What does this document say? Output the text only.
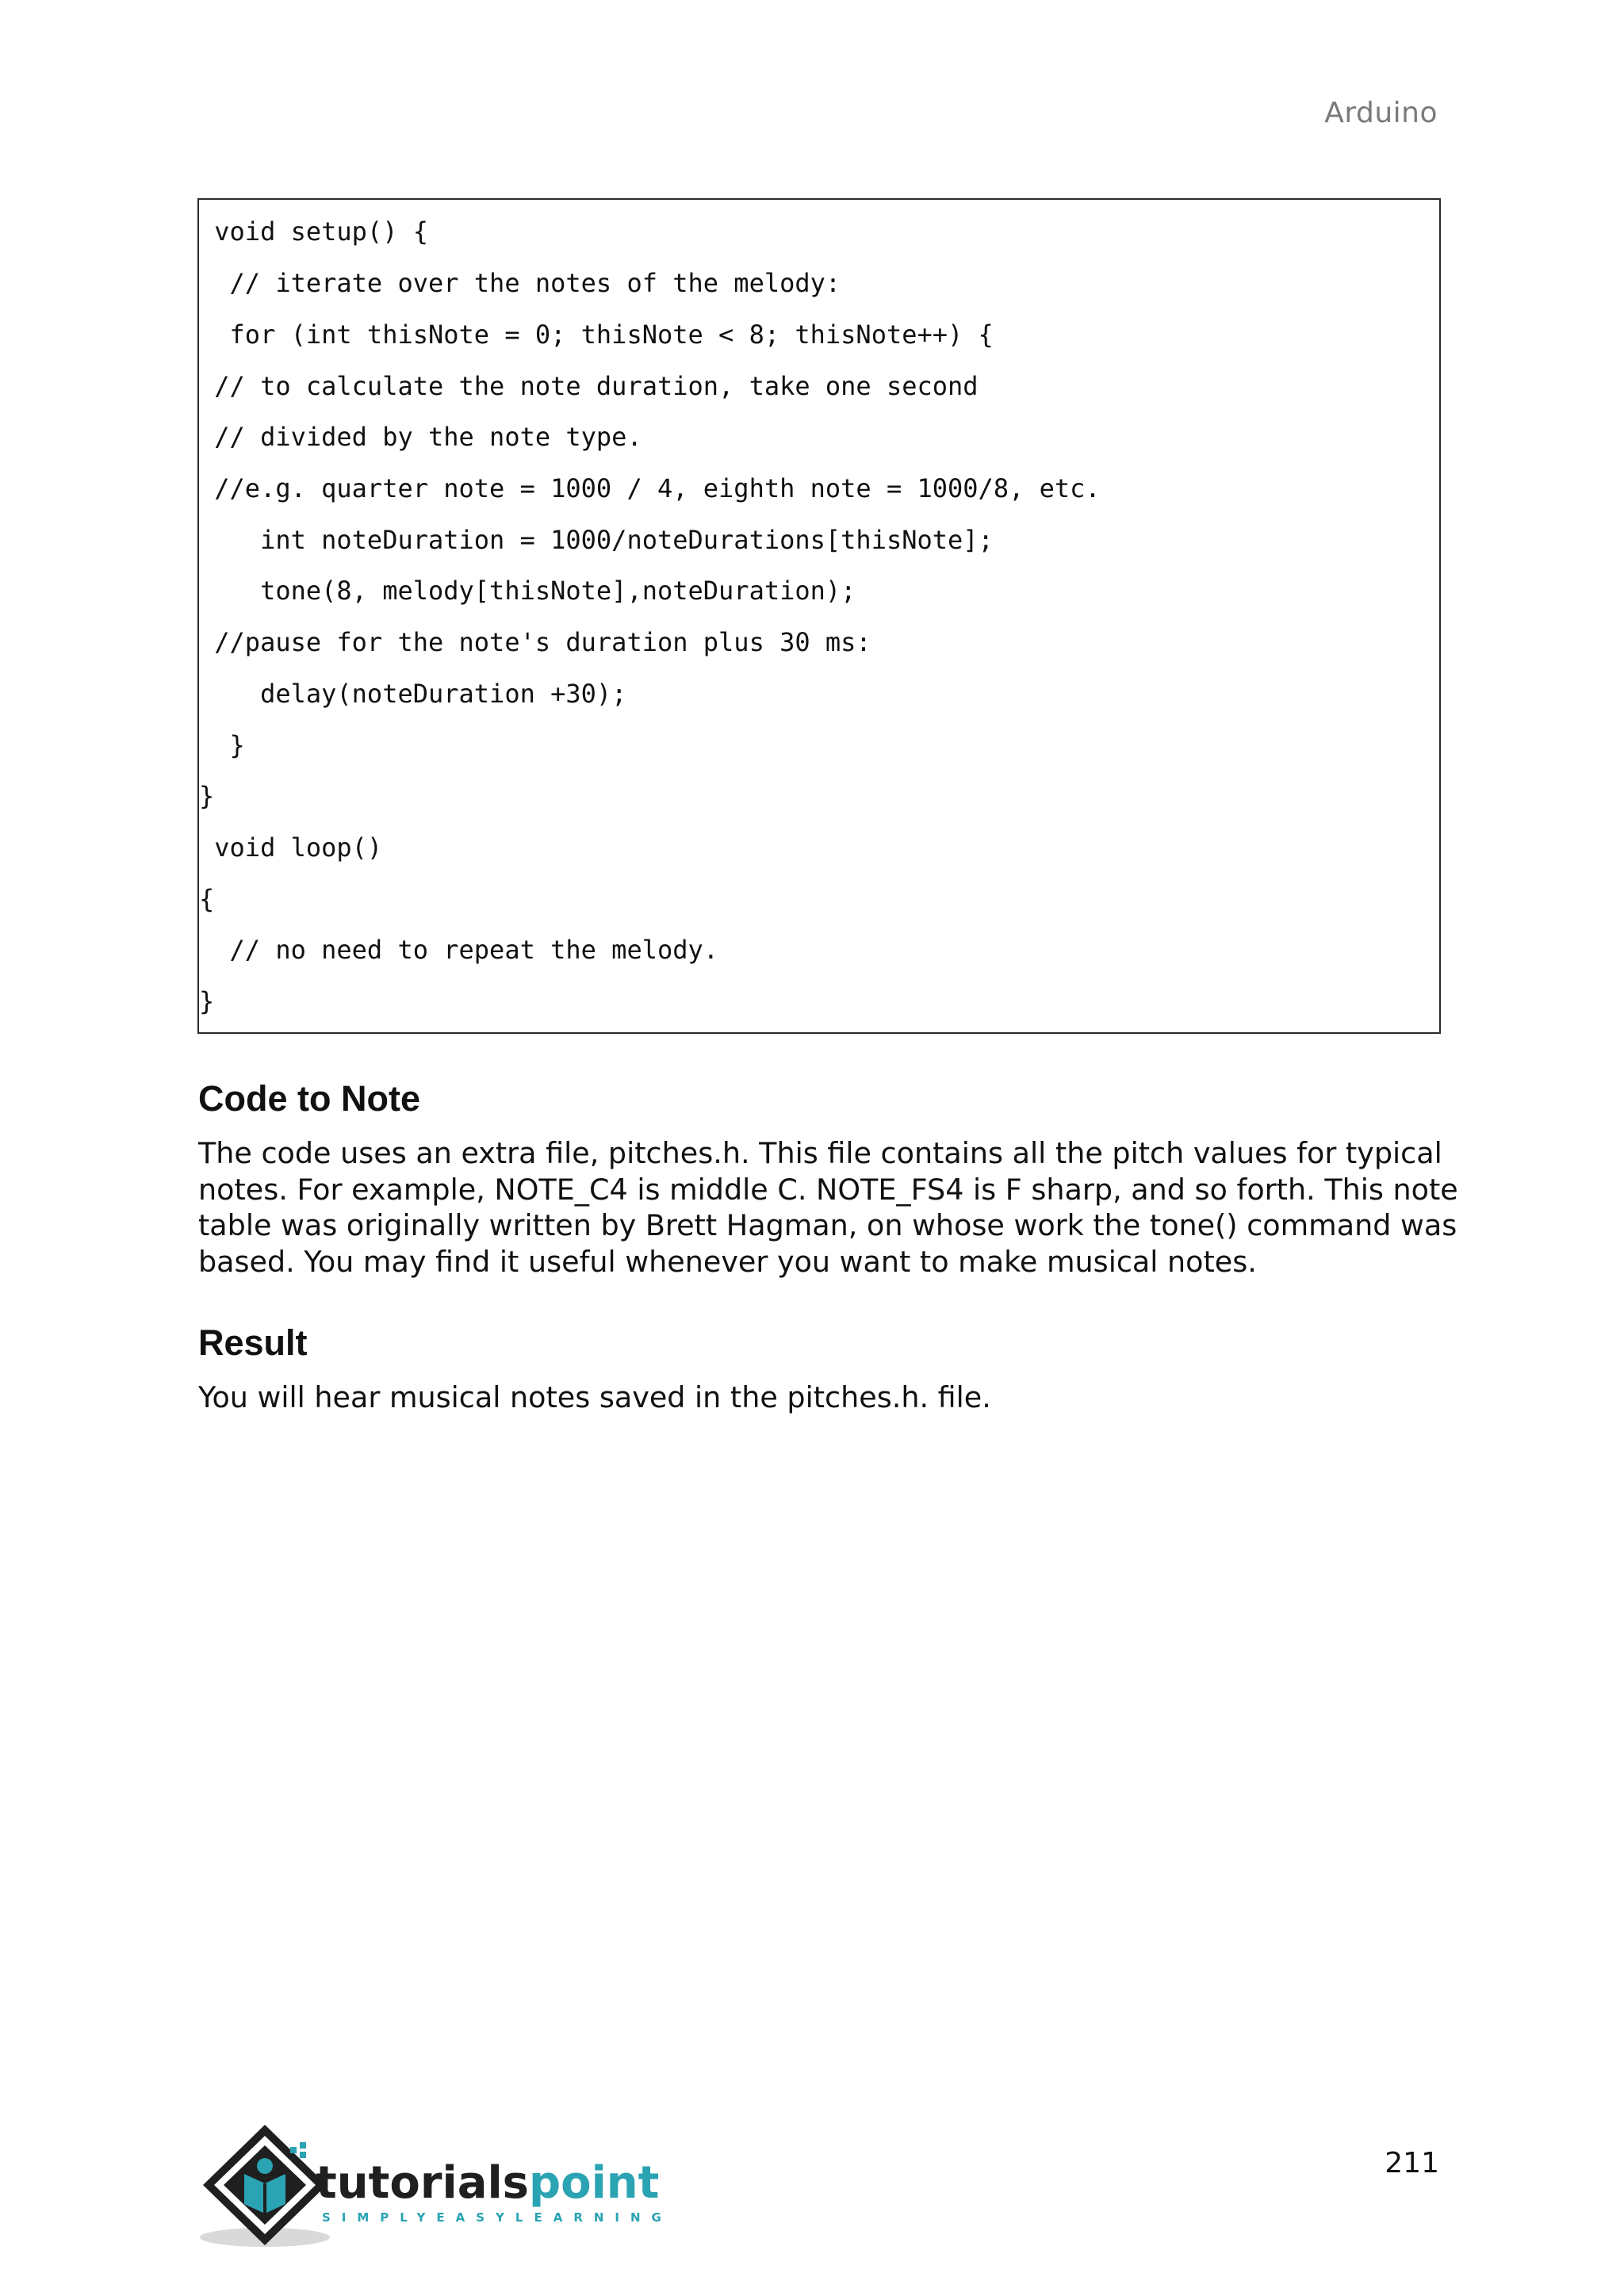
Arduino
void setup() {
// iterate over the notes of the melody:
for (int thisNote = 0; thisNote < 8; thisNote++) {
// to calculate the note duration, take one second
// divided by the note type.
//e.g. quarter note = 1000 / 4, eighth note = 1000/8, etc.
int noteDuration = 1000/noteDurations[thisNote];
tone(8, melody[thisNote],noteDuration);
//pause for the note's duration plus 30 ms:
delay(noteDuration +30);
}
}
void loop()
{
// no need to repeat the melody.
}
Code to Note
The code uses an extra file, pitches.h. This file contains all the pitch values for typical
notes. For example, NOTE_C4 is middle C. NOTE_FS4 is F sharp, and so forth. This note
table was originally written by Brett Hagman, on whose work the tone() command was
based. You may find it useful whenever you want to make musical notes.
Result
You will hear musical notes saved in the pitches.h. file.
tutorialspoint
SIMPLYEASYLEARNING
211
